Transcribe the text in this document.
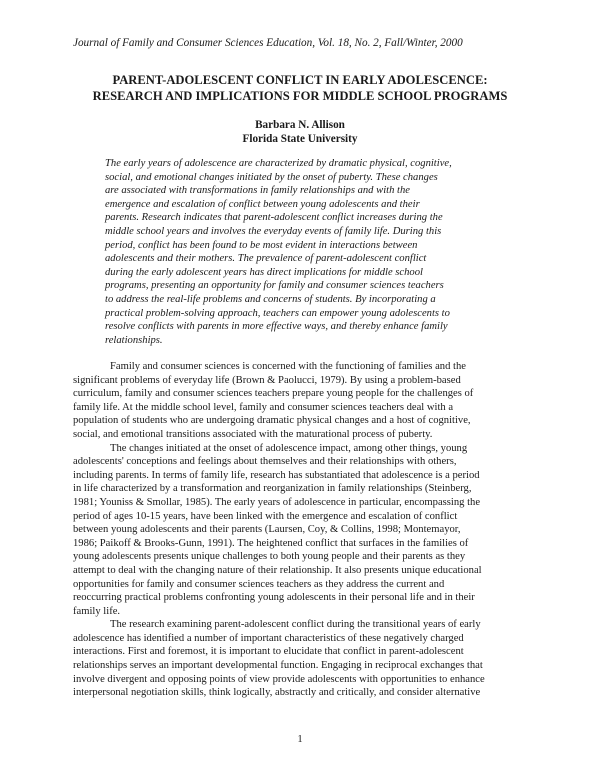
Journal of Family and Consumer Sciences Education, Vol. 18, No. 2, Fall/Winter, 2000
PARENT-ADOLESCENT CONFLICT IN EARLY ADOLESCENCE:
RESEARCH AND IMPLICATIONS FOR MIDDLE SCHOOL PROGRAMS
Barbara N. Allison
Florida State University
The early years of adolescence are characterized by dramatic physical, cognitive,
social, and emotional changes initiated by the onset of puberty. These changes
are associated with transformations in family relationships and with the
emergence and escalation of conflict between young adolescents and their
parents. Research indicates that parent-adolescent conflict increases during the
middle school years and involves the everyday events of family life. During this
period, conflict has been found to be most evident in interactions between
adolescents and their mothers. The prevalence of parent-adolescent conflict
during the early adolescent years has direct implications for middle school
programs, presenting an opportunity for family and consumer sciences teachers
to address the real-life problems and concerns of students. By incorporating a
practical problem-solving approach, teachers can empower young adolescents to
resolve conflicts with parents in more effective ways, and thereby enhance family
relationships.

Family and consumer sciences is concerned with the functioning of families and the
significant problems of everyday life (Brown & Paolucci, 1979). By using a problem-based
curriculum, family and consumer sciences teachers prepare young people for the challenges of
family life. At the middle school level, family and consumer sciences teachers deal with a
population of students who are undergoing dramatic physical changes and a host of cognitive,
social, and emotional transitions associated with the maturational process of puberty.

The changes initiated at the onset of adolescence impact, among other things, young
adolescents' conceptions and feelings about themselves and their relationships with others,
including parents. In terms of family life, research has substantiated that adolescence is a period
in life characterized by a transformation and reorganization in family relationships (Steinberg,
1981; Youniss & Smollar, 1985). The early years of adolescence in particular, encompassing the
period of ages 10-15 years, have been linked with the emergence and escalation of conflict
between young adolescents and their parents (Laursen, Coy, & Collins, 1998; Montemayor,
1986; Paikoff & Brooks-Gunn, 1991). The heightened conflict that surfaces in the families of
young adolescents presents unique challenges to both young people and their parents as they
attempt to deal with the changing nature of their relationship. It also presents unique educational
opportunities for family and consumer sciences teachers as they address the current and
reoccurring practical problems confronting young adolescents in their personal life and in their
family life.

The research examining parent-adolescent conflict during the transitional years of early
adolescence has identified a number of important characteristics of these negatively charged
interactions. First and foremost, it is important to elucidate that conflict in parent-adolescent
relationships serves an important developmental function. Engaging in reciprocal exchanges that
involve divergent and opposing points of view provide adolescents with opportunities to enhance
interpersonal negotiation skills, think logically, abstractly and critically, and consider alternative

1
